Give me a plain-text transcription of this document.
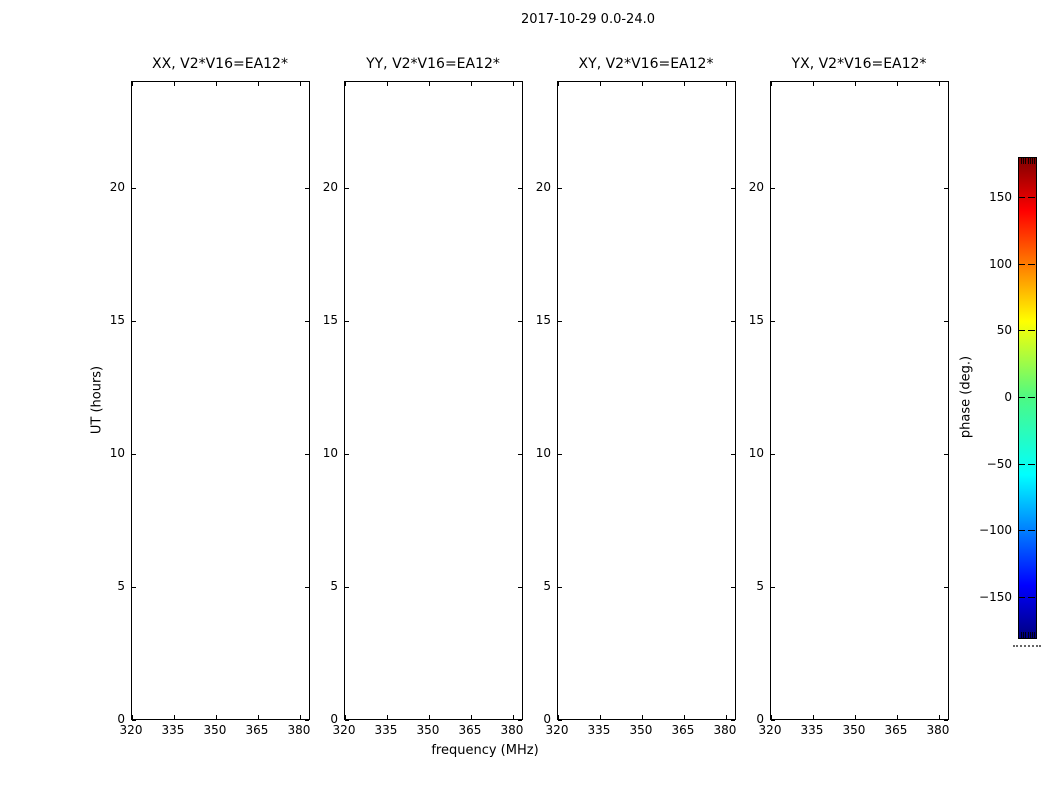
2017-10-29 0.0-24.0
XX, V2*V16=EA12*
320 335 350 365 380
0
5
10
15
20
YY, V2*V16=EA12*
320 335 350 365 380
0
5
10
15
20
XY, V2*V16=EA12*
320 335 350 365 380
0
5
10
15
20
YX, V2*V16=EA12*
320 335 350 365 380
0
5
10
15
20
frequency (MHz)
UT (hours)	phase (deg.)
150
100
50
0
−50
−100
−150
